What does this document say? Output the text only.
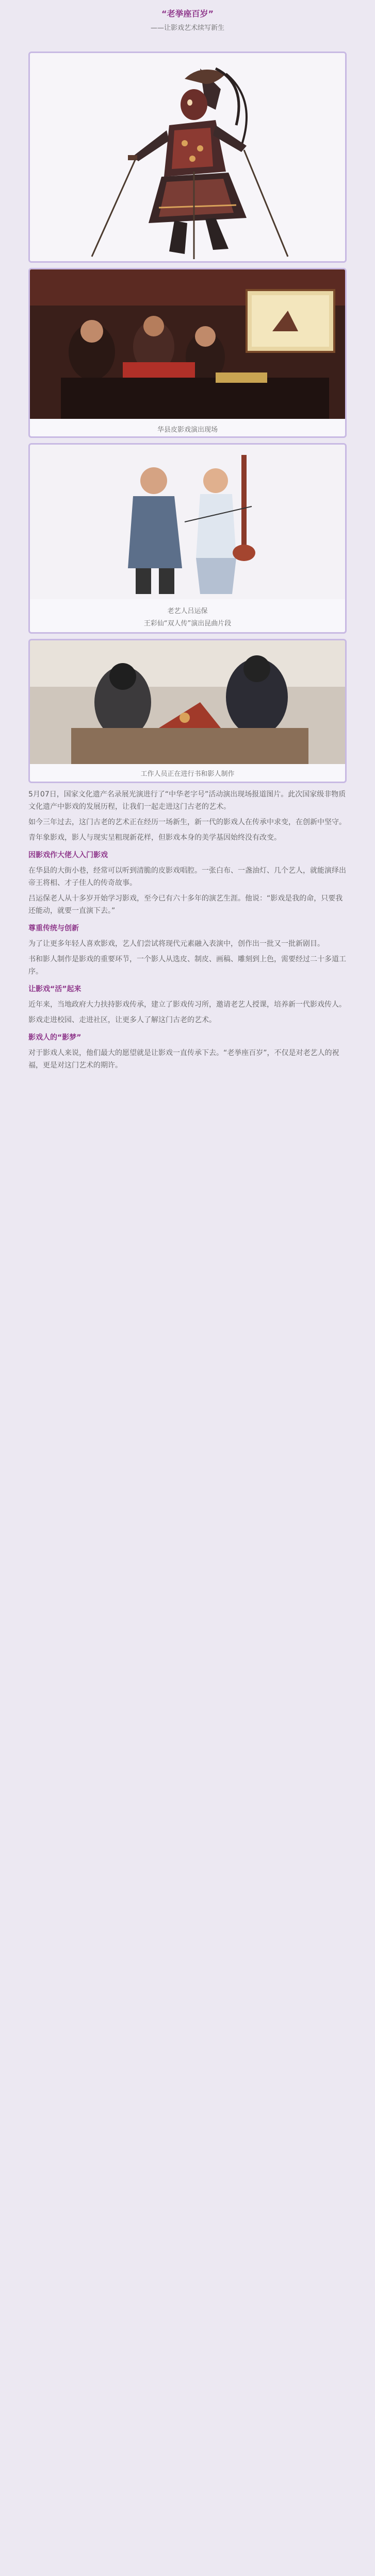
“老挙座百岁”
——让影戏艺术续写新生
华县皮影戏演出现场
老艺人吕运保
王彩仙“双人传”演出昆曲片段
工作人员正在进行书和影人制作

5月07日，国家文化遗产名录展光演进行了“中华老字号”活动演出现场报道图片。此次国家级非物质文化遗产中影戏的发展历程，让我们一起走进这门古老的艺术。

如今三年过去，这门古老的艺术正在经历一场新生，新一代的影戏人在传承中求变，在创新中坚守。

青年象影戏，影人与现实呈粗现新花样，但影戏本身的美学基因始终没有改变。

因影戏作大佬人入门影戏

在华县的大街小巷，经常可以听到清脆的皮影戏唱腔。一张白布、一盏油灯、几个艺人，就能演绎出帝王将相、才子佳人的传奇故事。

吕运保老人从十多岁开始学习影戏，至今已有六十多年的演艺生涯。他说：“影戏是我的命，只要我还能动，就要一直演下去。”

尊重传统与创新

为了让更多年轻人喜欢影戏，艺人们尝试将现代元素融入表演中，创作出一批又一批新剧目。

书和影人制作是影戏的重要环节，一个影人从选皮、制皮、画稿、雕刻到上色，需要经过二十多道工序。

让影戏“活”起来

近年来，当地政府大力扶持影戏传承，建立了影戏传习所，邀请老艺人授课，培养新一代影戏传人。

影戏走进校园、走进社区，让更多人了解这门古老的艺术。

影戏人的“影梦”

对于影戏人来说，他们最大的愿望就是让影戏一直传承下去。“老挙座百岁”，不仅是对老艺人的祝福，更是对这门艺术的期许。
